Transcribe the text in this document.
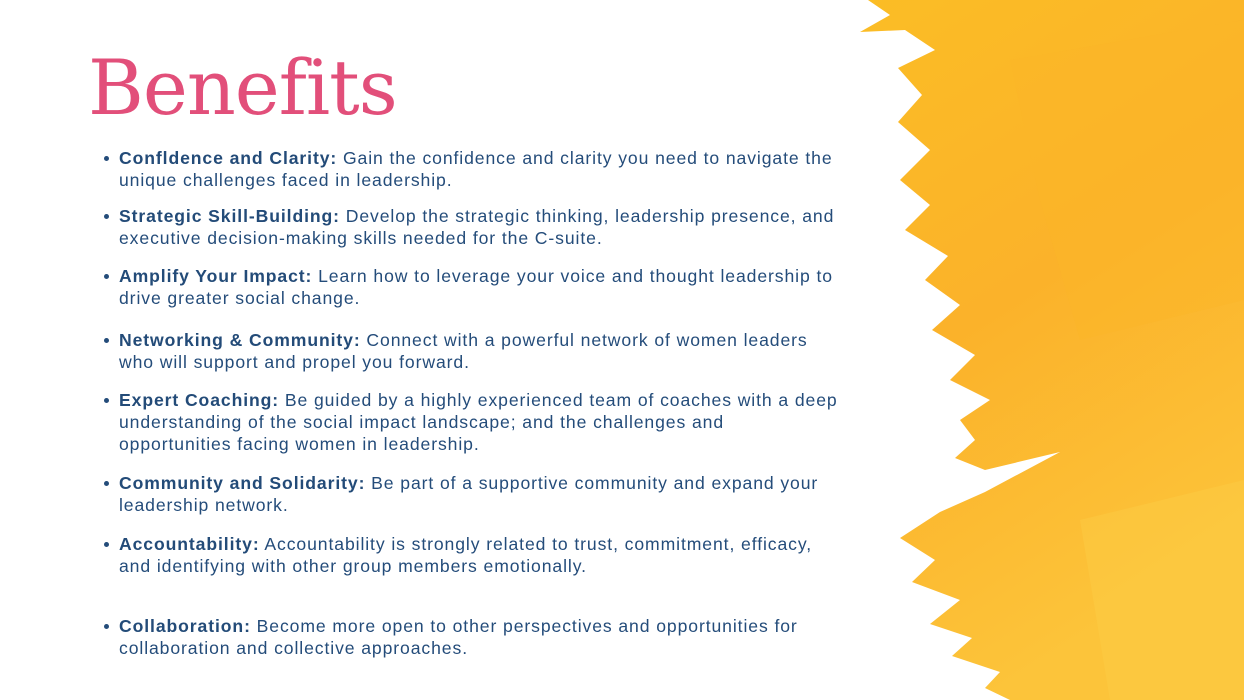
Benefits
Confldence and Clarity: Gain the confidence and clarity you need to navigate the unique challenges faced in leadership.
Strategic Skill-Building: Develop the strategic thinking, leadership presence, and executive decision-making skills needed for the C-suite.
Amplify Your Impact: Learn how to leverage your voice and thought leadership to drive greater social change.
Networking & Community: Connect with a powerful network of women leaders who will support and propel you forward.
Expert Coaching: Be guided by a highly experienced team of coaches with a deep understanding of the social impact landscape; and the challenges and opportunities facing women in leadership.
Community and Solidarity: Be part of a supportive community and expand your leadership network.
Accountability: Accountability is strongly related to trust, commitment, efficacy, and identifying with other group members emotionally.
Collaboration: Become more open to other perspectives and opportunities for collaboration and collective approaches.
